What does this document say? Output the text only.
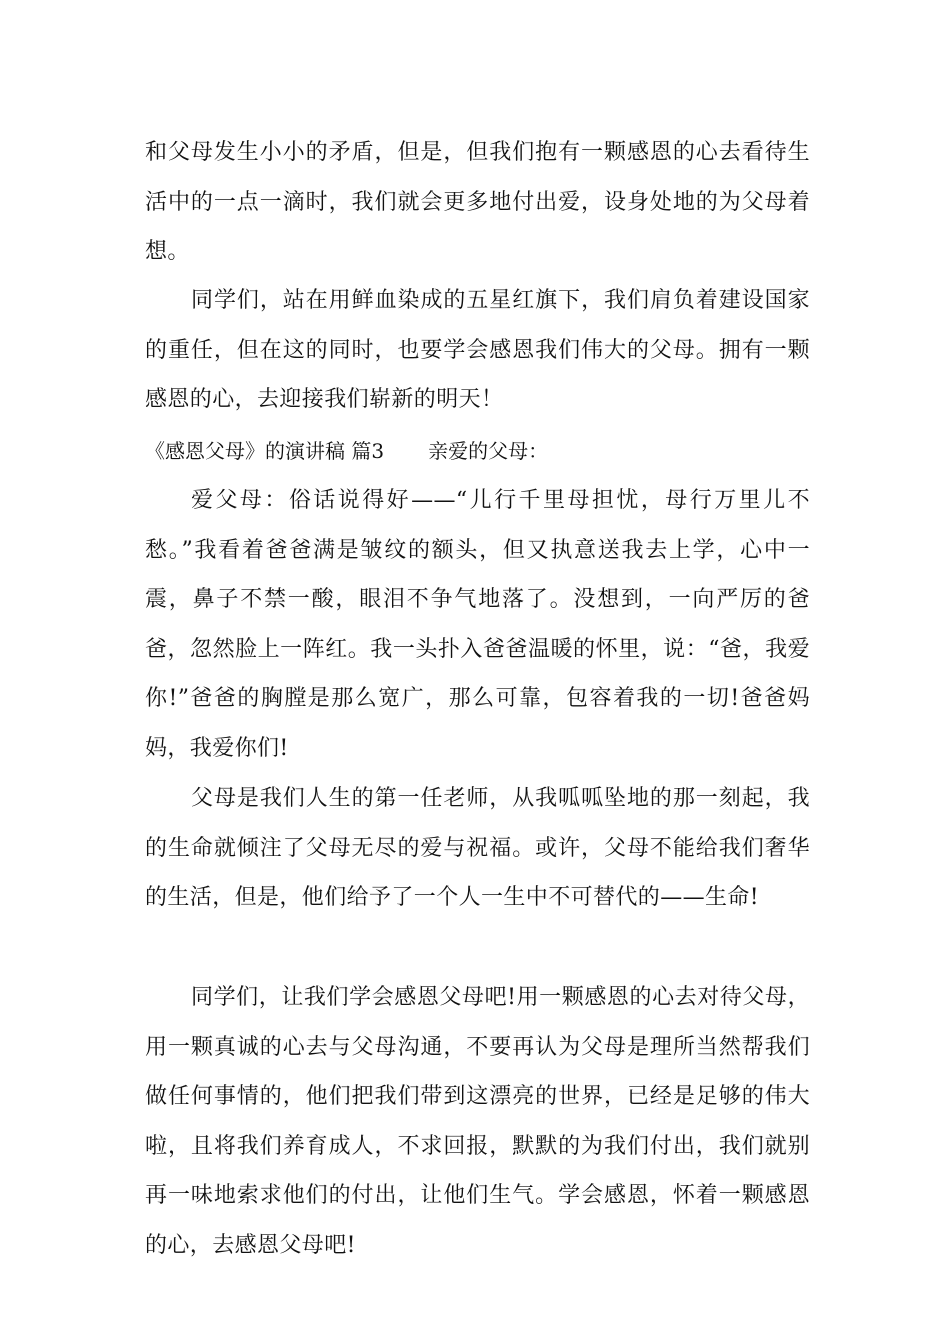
和父母发生小小的矛盾，但是，但我们抱有一颗感恩的心去看待生活中的一点一滴时，我们就会更多地付出爱，设身处地的为父母着想。

同学们，站在用鲜血染成的五星红旗下，我们肩负着建设国家的重任，但在这的同时，也要学会感恩我们伟大的父母。拥有一颗感恩的心，去迎接我们崭新的明天！

《感恩父母》的演讲稿 篇3 亲爱的父母：

爱父母：俗话说得好——“儿行千里母担忧，母行万里儿不愁。”我看着爸爸满是皱纹的额头，但又执意送我去上学，心中一震，鼻子不禁一酸，眼泪不争气地落了。没想到，一向严厉的爸爸，忽然脸上一阵红。我一头扑入爸爸温暖的怀里，说：“爸，我爱你!”爸爸的胸膛是那么宽广，那么可靠，包容着我的一切!爸爸妈妈，我爱你们!

父母是我们人生的第一任老师，从我呱呱坠地的那一刻起，我的生命就倾注了父母无尽的爱与祝福。或许，父母不能给我们奢华的生活，但是，他们给予了一个人一生中不可替代的——生命!

同学们，让我们学会感恩父母吧!用一颗感恩的心去对待父母，用一颗真诚的心去与父母沟通，不要再认为父母是理所当然帮我们做任何事情的，他们把我们带到这漂亮的世界，已经是足够的伟大啦，且将我们养育成人，不求回报，默默的为我们付出，我们就别再一味地索求他们的付出，让他们生气。学会感恩，怀着一颗感恩的心，去感恩父母吧!
